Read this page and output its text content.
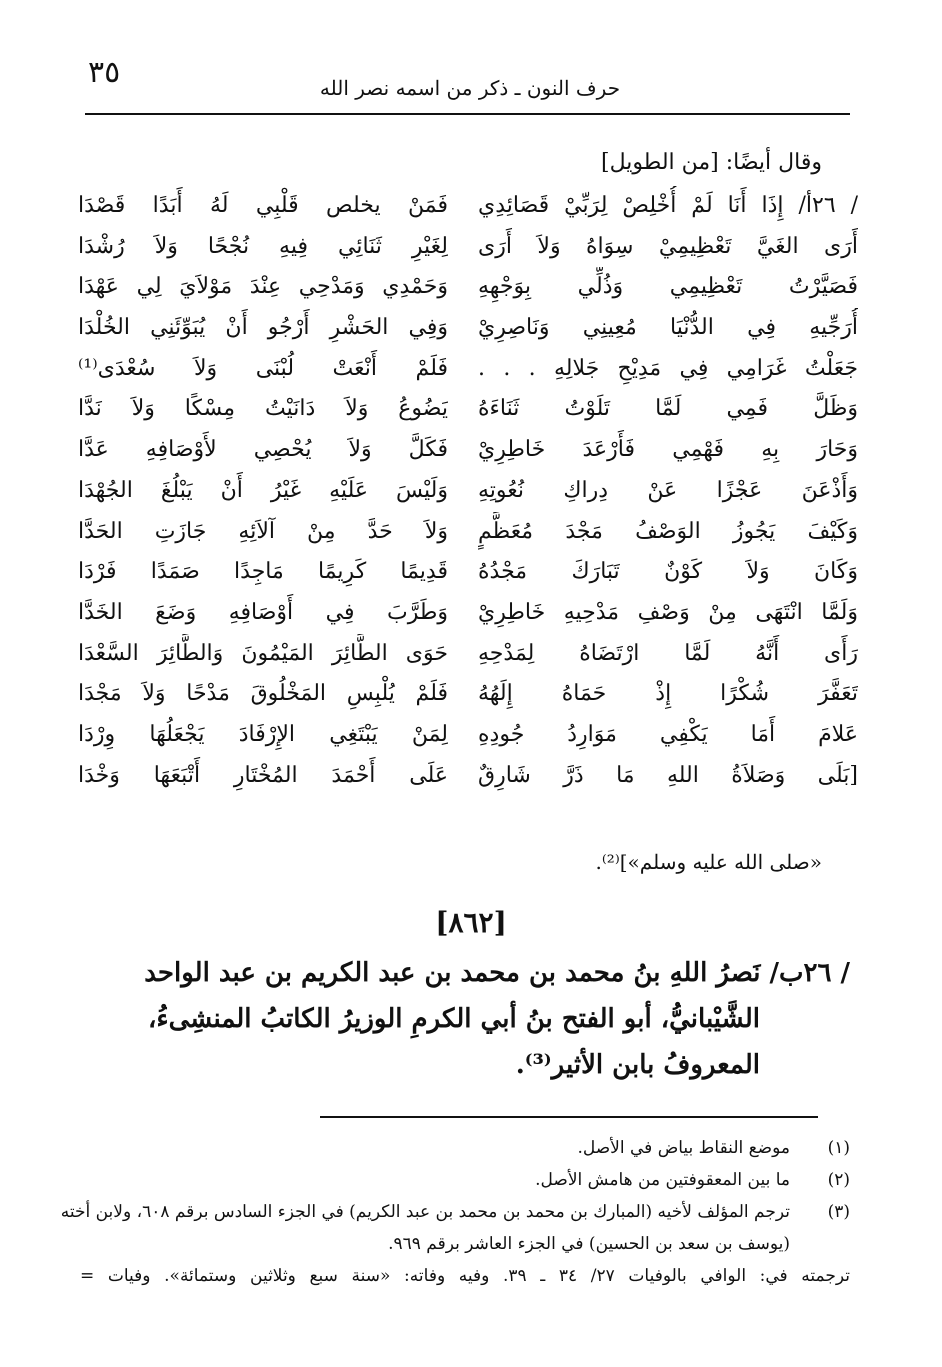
٣٥	حرف النون ـ ذكر من اسمه نصر الله
وقال أيضًا: [من الطويل]
/ ٢٦أ/ إِذَا أَنَا لَمْ أُخْلِصْ لِرَبِّيْ قَصَائِدِي
أَرَى الغَيَّ تَعْظِيمِيْ سِوَاهُ وَلاَ أَرَى
فَصَيَّرْتُ تَعْظِيمِي وَذُلِّي بِوَجْهِهِ
أُرَجِّيهِ فِي الدُّنْيَا مُعِينِي وَنَاصِرِيْ
جَعَلْتُ غَرَامِي فِي مَدِيْحِ جَلالِهِ . . .
وَظَلَّ فَمِي لَمَّا تَلَوْتُ ثَنَاءَهُ
وَحَارَ بِهِ فَهْمِي فَأَرْعَدَ خَاطِرِيْ
وَأَذْعَنَ عَجْزًا عَنْ دِراكِ نُعُوتِهِ
وَكَيْفَ يَجُوزُ الوَصْفُ مَجْدَ مُعَظَّمٍ
وَكَانَ وَلاَ كَوْنٌ تَبَارَكَ مَجْدُهُ
وَلَمَّا انْتَهَى مِنْ وَصْفِ مَدْحِيهِ خَاطِرِيْ
رَأَى أَنَّهُ لَمَّا ارْتَضَاهُ لِمَدْحِهِ
تَعَفَّرَ شُكْرًا إِذْ حَمَاهُ إِلَهُهُ
عَلامَ أَمَا يَكْفِي مَوَارِدُ جُودِهِ
[بَلَى وَصَلاَةُ اللهِ مَا ذَرَّ شَارِقٌ
فَمَنْ يخلص قَلْبِي لَهُ أَبَدًا قَصْدَا
لِغَيْرِ ثَنَائِي فِيهِ نُجْحًا وَلاَ رُشْدَا
وَحَمْدِي وَمَدْحِي عِنْدَ مَوْلاَيَ لِي عَهْدَا
وَفِي الحَشْرِ أَرْجُو أَنْ يُبَوِّئَنِي الخُلْدَا
فَلَمْ أَنْعَتْ لُبْنَى وَلاَ سُعْدَى⁽¹⁾
يَضُوعُ وَلاَ دَانَيْتُ مِسْكًا وَلاَ نَدَّا
فَكَلَّ وَلاَ يُحْصِي لأَوْصَافِهِ عَدَّا
وَلَيْسَ عَلَيْهِ غَيْرُ أَنْ يَبْلُغَ الجُهْدَا
وَلاَ حَدَّ مِنْ آلاَئِهِ جَازَتِ الحَدَّا
قَدِيمًا كَرِيمًا مَاجِدًا صَمَدًا فَرْدَا
وَطَرَّبَ فِي أَوْصَافِهِ وَضَعَ الخَدَّا
حَوَى الطَّائِرَ المَيْمُونَ وَالطَّائِرَ السَّعْدَا
فَلَمْ يُلْبِسِ المَخْلُوقَ مَدْحًا وَلاَ مَجْدَا
لِمَنْ يَبْتَغِي الإِرْفَادَ يَجْعَلُهَا وِرْدَا
عَلَى أَحْمَدَ المُخْتَارِ أَتْبَعَهَا وَخْدَا
«صلى الله عليه وسلم»]⁽²⁾.
[٨٦٢]
/ ٢٦ب/ نَصرُ اللهِ بنُ محمد بن محمد بن عبد الكريم بن عبد الواحد
الشَّيْبانيُّ، أبو الفتح بنُ أبي الكرمِ الوزيرُ الكاتبُ المنشِىءُ،
المعروفُ بابن الأثير⁽³⁾.
(١)
موضع النقاط بياض في الأصل.
(٢)
ما بين المعقوفتين من هامش الأصل.
(٣)
ترجم المؤلف لأخيه (المبارك بن محمد بن محمد بن عبد الكريم) في الجزء السادس برقم ٦٠٨، ولابن أخته
(يوسف بن سعد بن الحسين) في الجزء العاشر برقم ٩٦٩.
ترجمته في: الوافي بالوفيات ٢٧/ ٣٤ ـ ٣٩. وفيه وفاته: «سنة سبع وثلاثين وستمائة». وفيات =
